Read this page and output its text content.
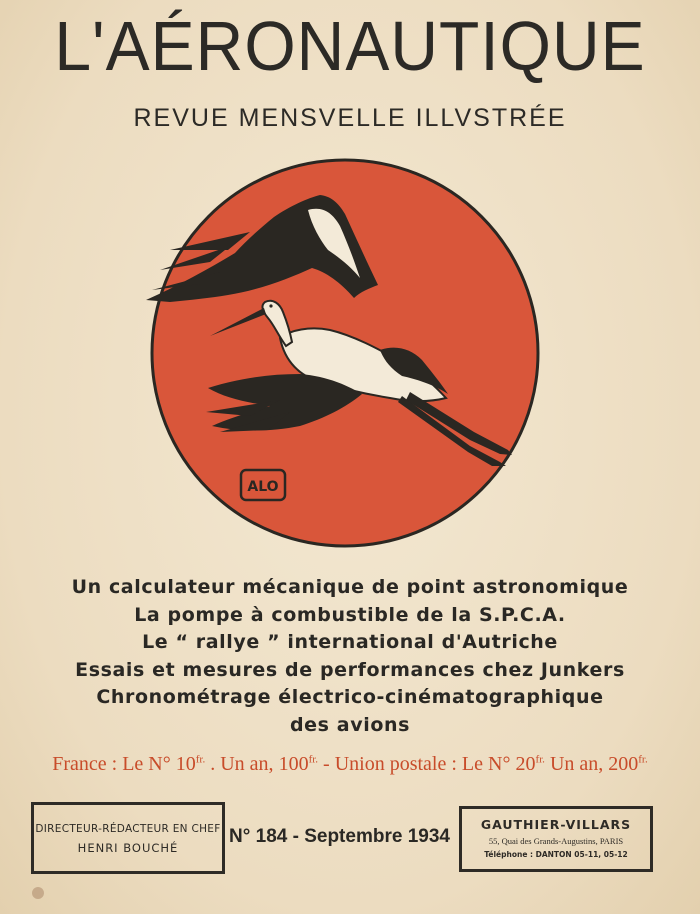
L'AÉRONAUTIQUE
REVUE MENSVELLE ILLVSTRÉE
ALO
Un calculateur mécanique de point astronomique
La pompe à combustible de la S.P.C.A.
Le “ rallye ” international d'Autriche
Essais et mesures de performances chez Junkers
Chronométrage électrico-cinématographique
des avions
France : Le N° $10^{fr.}$ . Un an, $100^{fr.}$ - Union postale : Le N° $20^{fr.}$ Un an, $200^{fr.}$
DIRECTEUR-RÉDACTEUR EN CHEF
HENRI BOUCHÉ
N° 184 - Septembre 1934
GAUTHIER-VILLARS
55, Quai des Grands-Augustins, PARIS
Téléphone : DANTON 05-11, 05-12
